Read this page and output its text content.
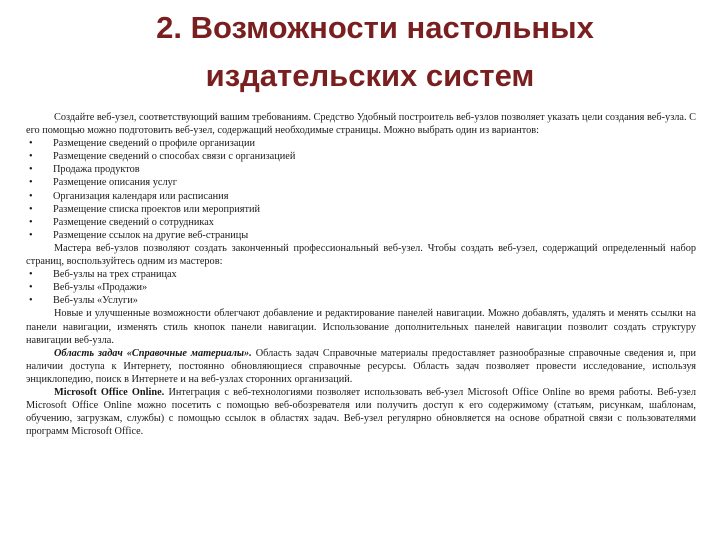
2. Возможности настольных
издательских систем

Создайте веб-узел, соответствующий вашим требованиям. Средство Удобный построитель веб-узлов позволяет указать цели создания веб-узла. С его помощью можно подготовить веб-узел, содержащий необходимые страницы. Можно выбрать один из вариантов:

• Размещение сведений о профиле организации
• Размещение сведений о способах связи с организацией
• Продажа продуктов
• Размещение описания услуг
• Организация календаря или расписания
• Размещение списка проектов или мероприятий
• Размещение сведений о сотрудниках
• Размещение ссылок на другие веб-страницы

Мастера веб-узлов позволяют создать законченный профессиональный веб-узел. Чтобы создать веб-узел, содержащий определенный набор страниц, воспользуйтесь одним из мастеров:

• Веб-узлы на трех страницах
• Веб-узлы «Продажи»
• Веб-узлы «Услуги»

Новые и улучшенные возможности облегчают добавление и редактирование панелей навигации. Можно добавлять, удалять и менять ссылки на панели навигации, изменять стиль кнопок панели навигации. Использование дополнительных панелей навигации позволит создать структуру навигации веб-узла.

Область задач «Справочные материалы». Область задач Справочные материалы предоставляет разнообразные справочные сведения и, при наличии доступа к Интернету, постоянно обновляющиеся справочные ресурсы. Область задач позволяет провести исследование, используя энциклопедию, поиск в Интернете и на веб-узлах сторонних организаций.

Microsoft Office Online. Интеграция с веб-технологиями позволяет использовать веб-узел Microsoft Office Online во время работы. Веб-узел Microsoft Office Online можно посетить с помощью веб-обозревателя или получить доступ к его содержимому (статьям, рисункам, шаблонам, обучению, загрузкам, службы) с помощью ссылок в областях задач. Веб-узел регулярно обновляется на основе обратной связи с пользователями программ Microsoft Office.
